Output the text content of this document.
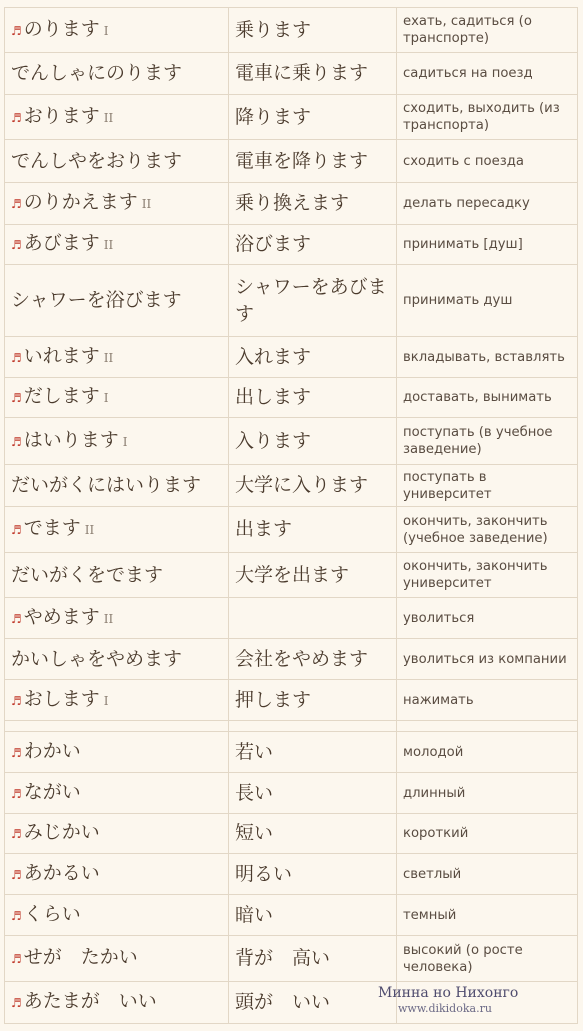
♬ のります I	乗ります	ехать, садиться (о транспорте)
でんしゃにのります	電車に乗ります	садиться на поезд
♬ おります II	降ります	сходить, выходить (из транспорта)
でんしやをおります	電車を降ります	сходить с поезда
♬ のりかえます II	乗り換えます	делать пересадку
♬ あびます II	浴びます	принимать [душ]
シャワーを浴びます	シャワーをあびます	принимать душ
♬ いれます II	入れます	вкладывать, вставлять
♬ だします I	出します	доставать, вынимать
♬ はいります I	入ります	поступать (в учебное заведение)
だいがくにはいります	大学に入ります	поступать в университет
♬ でます II	出ます	окончить, закончить (учебное заведение)
だいがくをでます	大学を出ます	окончить, закончить университет
♬ やめます II		уволиться
かいしゃをやめます	会社をやめます	уволиться из компании
♬ おします I	押します	нажимать

♬ わかい	若い	молодой
♬ ながい	長い	длинный
♬ みじかい	短い	короткий
♬ あかるい	明るい	светлый
♬ くらい	暗い	темный
♬ せが　たかい	背が　高い	высокий (о росте человека)
♬ あたまが　いい	頭が　いい		Минна но Нихонго
www.dikidoka.ru
